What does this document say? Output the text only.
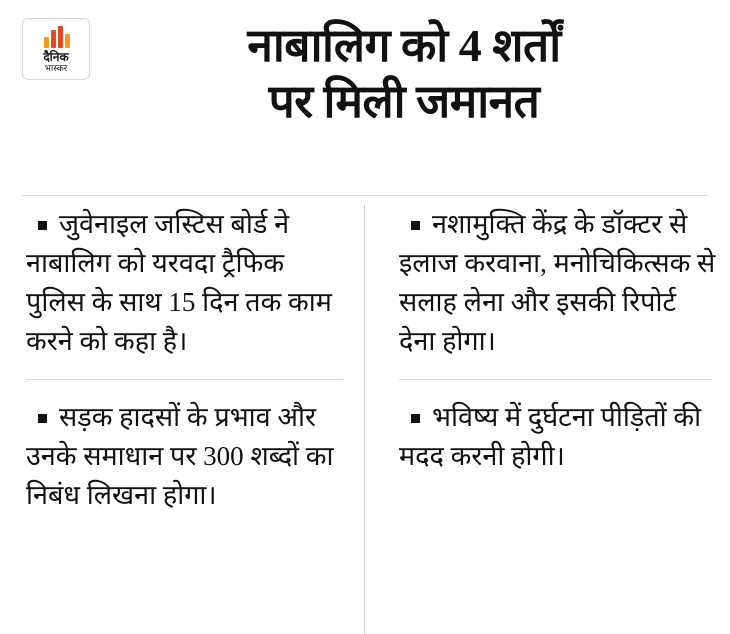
दैनिक
भास्कर	नाबालिग को 4 शर्तों
पर मिली जमानत

जुवेनाइल जस्टिस बोर्ड ने नाबालिग को यरवदा ट्रैफिक पुलिस के साथ 15 दिन तक काम करने को कहा है।

सड़क हादसों के प्रभाव और उनके समाधान पर 300 शब्दों का निबंध लिखना होगा।

नशामुक्ति केंद्र के डॉक्टर से इलाज करवाना, मनोचिकित्सक से सलाह लेना और इसकी रिपोर्ट देना होगा।

भविष्य में दुर्घटना पीड़ितों की मदद करनी होगी।
